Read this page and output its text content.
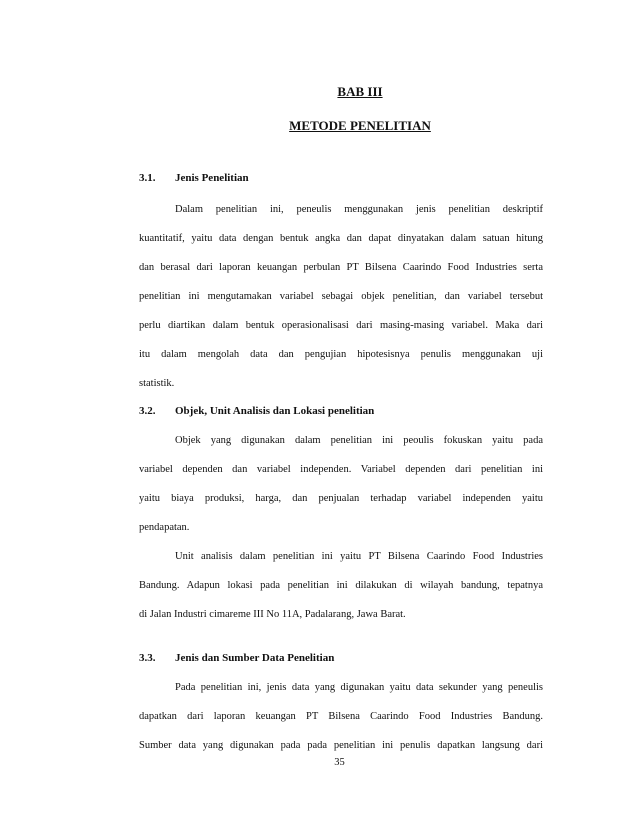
BAB III
METODE PENELITIAN
3.1. Jenis Penelitian
Dalam penelitian ini, peneulis menggunakan jenis penelitian deskriptif
kuantitatif, yaitu data dengan bentuk angka dan dapat dinyatakan dalam satuan hitung
dan berasal dari laporan keuangan perbulan PT Bilsena Caarindo Food Industries serta
penelitian ini mengutamakan variabel sebagai objek penelitian, dan variabel tersebut
perlu diartikan dalam bentuk operasionalisasi dari masing-masing variabel. Maka dari
itu dalam mengolah data dan pengujian hipotesisnya penulis menggunakan uji
statistik.
3.2. Objek, Unit Analisis dan Lokasi penelitian
Objek yang digunakan dalam penelitian ini peoulis fokuskan yaitu pada
variabel dependen dan variabel independen. Variabel dependen dari penelitian ini
yaitu biaya produksi, harga, dan penjualan terhadap variabel independen yaitu
pendapatan.
Unit analisis dalam penelitian ini yaitu PT Bilsena Caarindo Food Industries
Bandung. Adapun lokasi pada penelitian ini dilakukan di wilayah bandung, tepatnya
di Jalan Industri cimareme III No 11A, Padalarang, Jawa Barat.
3.3. Jenis dan Sumber Data Penelitian
Pada penelitian ini, jenis data yang digunakan yaitu data sekunder yang peneulis
dapatkan dari laporan keuangan PT Bilsena Caarindo Food Industries Bandung.
Sumber data yang digunakan pada pada penelitian ini penulis dapatkan langsung dari
35
